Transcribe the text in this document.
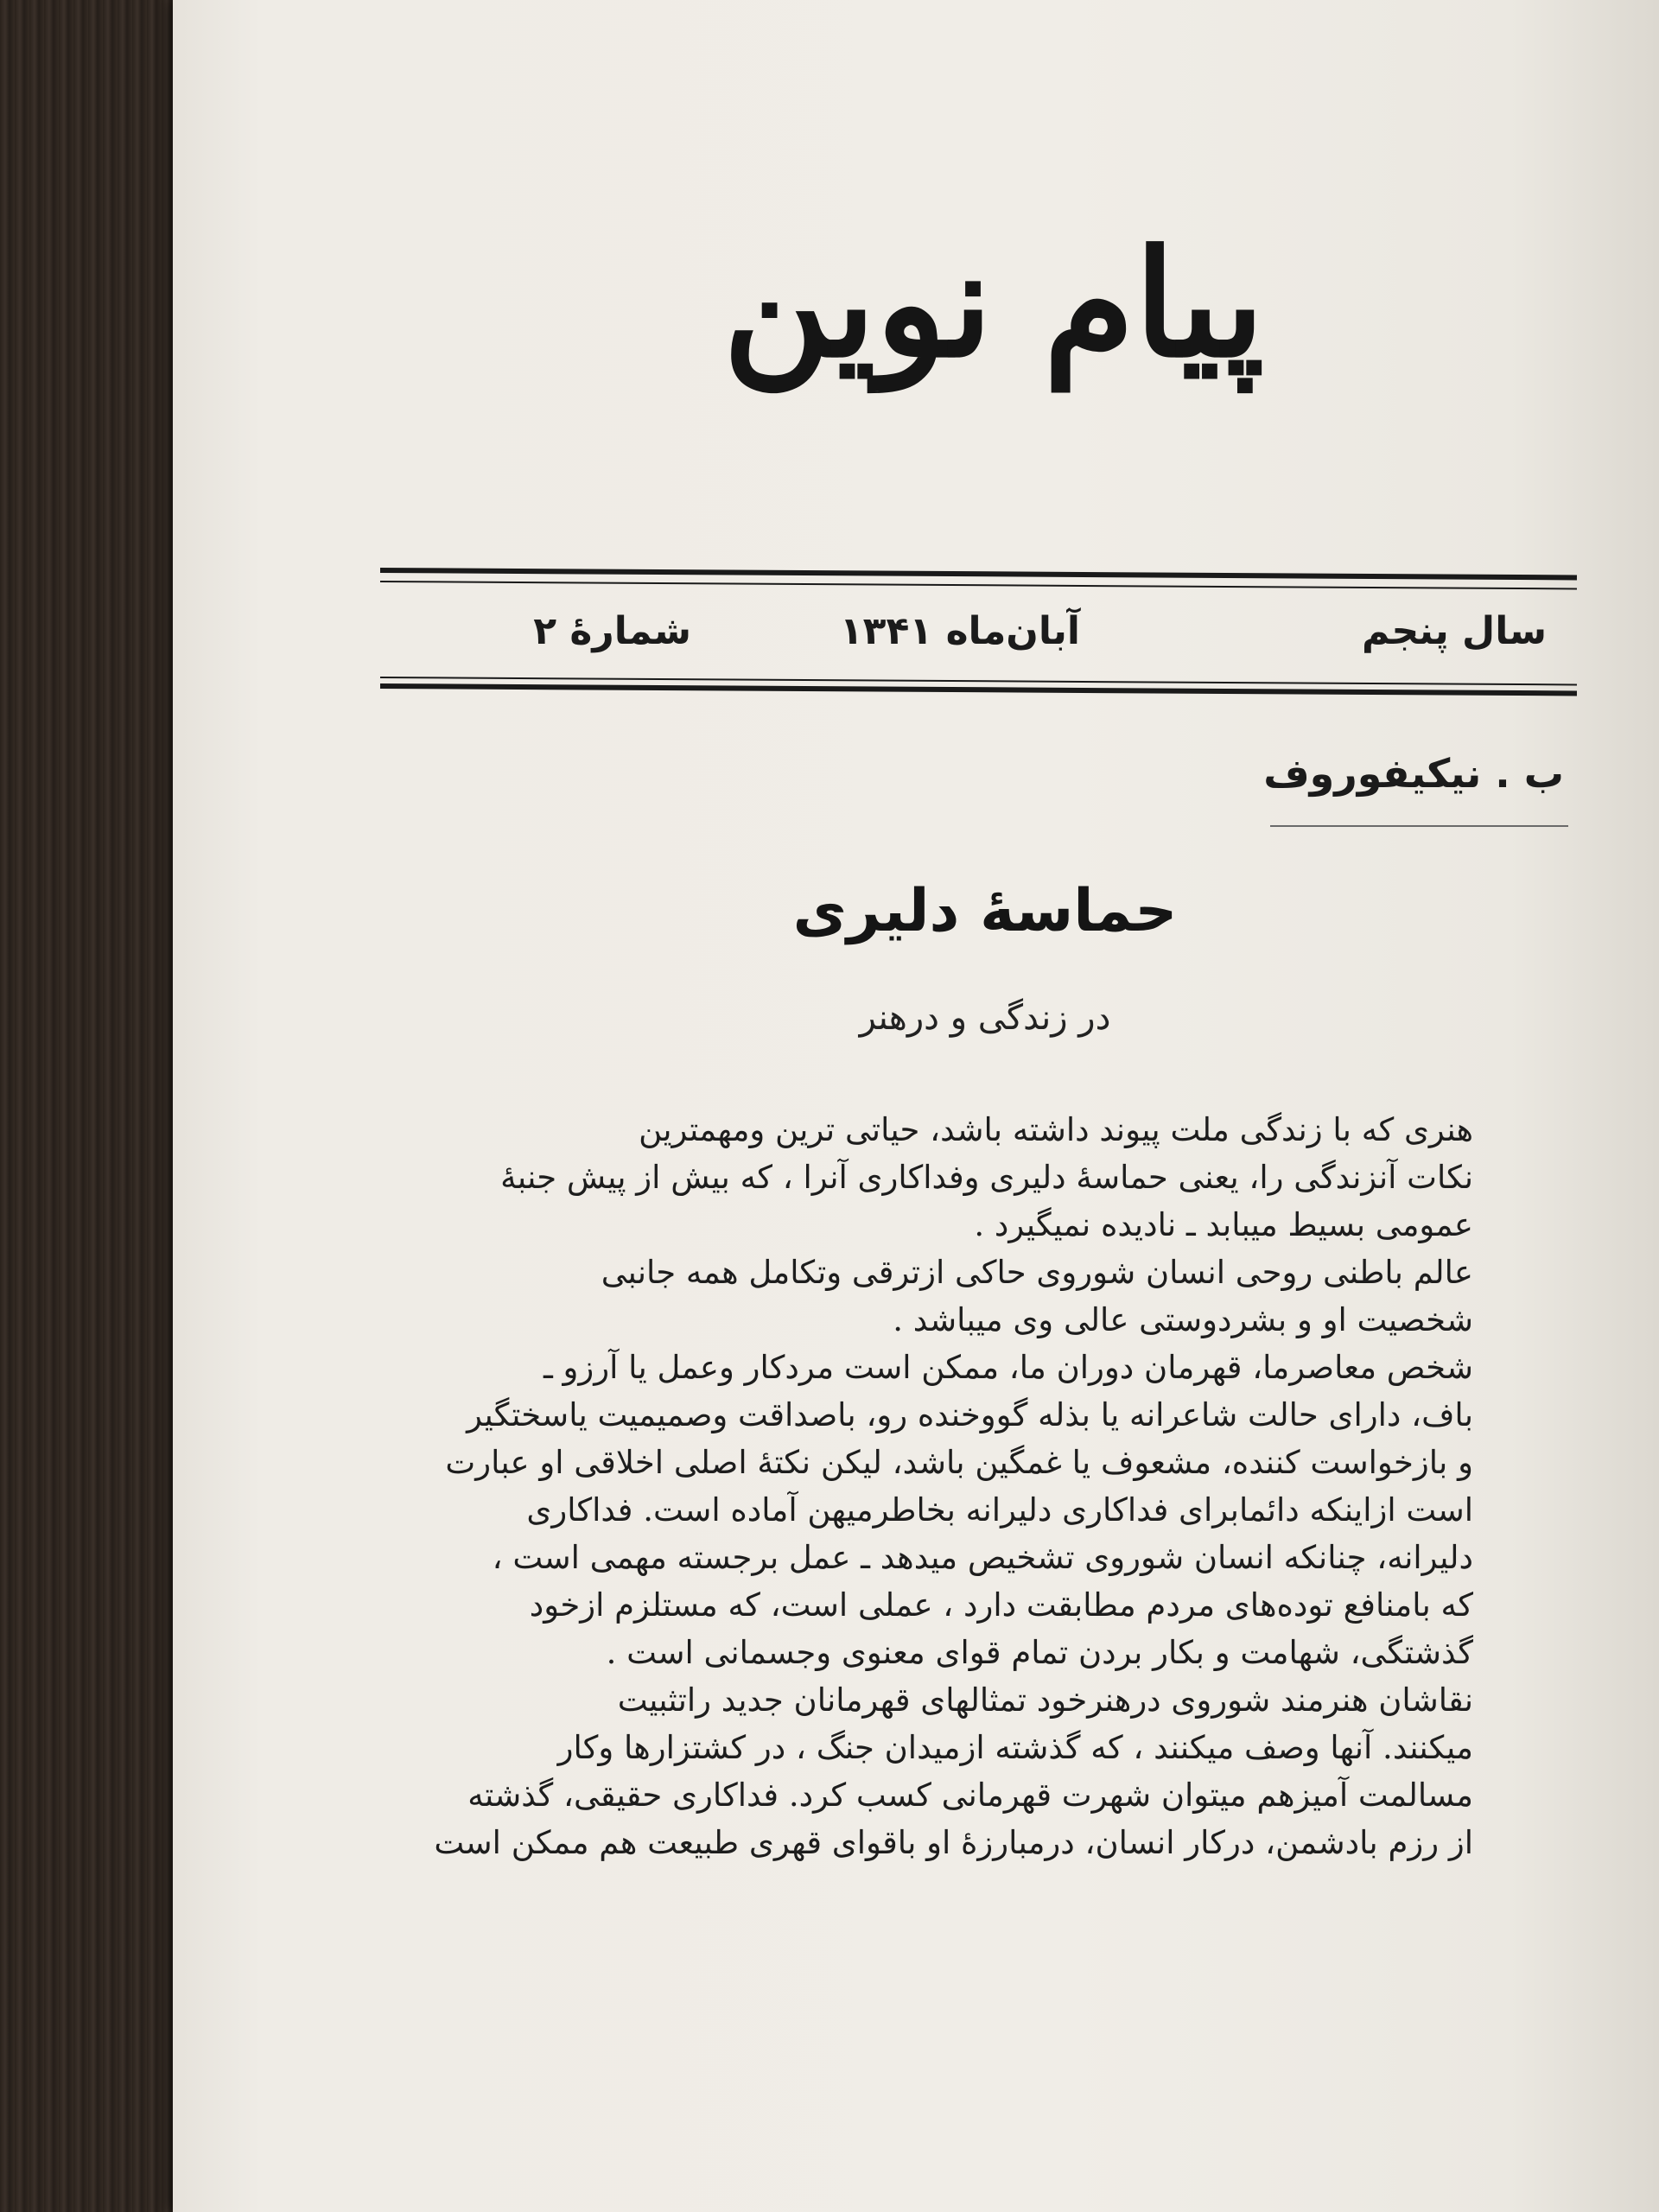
پیام نوین
سال پنجم
آبان‌ماه ۱۳۴۱
شمارهٔ ۲
ب . نیکیفوروف
حماسهٔ دلیری
در زندگی و درهنر
هنری که با زندگی ملت پیوند داشته باشد، حیاتی ترین ومهمترین
نکات آنزندگی را، یعنی حماسهٔ دلیری وفداکاری آنرا ، که بیش از پیش جنبهٔ
عمومی بسیط میبابد ـ نادیده نمیگیرد .
عالم باطنی روحی انسان شوروی حاکی ازترقی وتکامل همه جانبی
شخصیت او و بشردوستی عالی وی میباشد .
شخص معاصرما، قهرمان دوران ما، ممکن است مردکار وعمل یا آرزو ـ
باف، دارای حالت شاعرانه یا بذله گووخنده رو، باصداقت وصمیمیت یاسختگیر
و بازخواست کننده، مشعوف یا غمگین باشد، لیکن نکتهٔ اصلی اخلاقی او عبارت
است ازاینکه دائمابرای فداکاری دلیرانه بخاطرمیهن آماده است. فداکاری
دلیرانه، چنانکه انسان شوروی تشخیص میدهد ـ عمل برجسته مهمی است ،
که بامنافع توده‌های مردم مطابقت دارد ، عملی است، که مستلزم ازخود
گذشتگی، شهامت و بکار بردن تمام قوای معنوی وجسمانی است .
نقاشان هنرمند شوروی درهنرخود تمثالهای قهرمانان جدید راتثبیت
میکنند. آنها وصف میکنند ، که گذشته ازمیدان جنگ ، در کشتزارها وکار
مسالمت آمیزهم میتوان شهرت قهرمانی کسب کرد. فداکاری حقیقی، گذشته
از رزم بادشمن، درکار انسان، درمبارزهٔ او باقوای قهری طبیعت هم ممکن است
